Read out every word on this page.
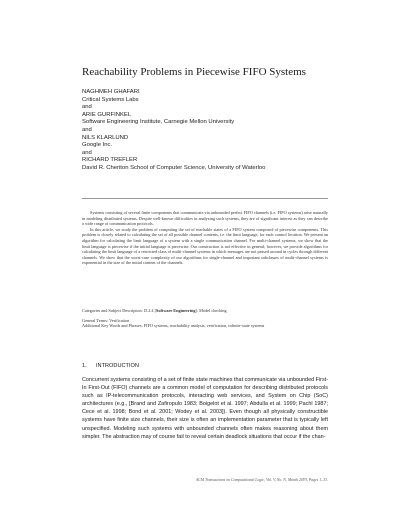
Reachability Problems in Piecewise FIFO Systems
NAGHMEH GHAFARI
Critical Systems Labs
and
ARIE GURFINKEL
Software Engineering Institute, Carnegie Mellon University
and
NILS KLARLUND
Google Inc.
and
RICHARD TREFLER
David R. Cheriton School of Computer Science, University of Waterloo

Systems consisting of several finite components that communicate via unbounded perfect FIFO channels (i.e. FIFO systems) arise naturally in modeling distributed systems. Despite well-known difficulties in analyzing such systems, they are of significant interest as they can describe a wide range of communication protocols.

In this article, we study the problem of computing the set of reachable states of a FIFO system composed of piecewise components. This problem is closely related to calculating the set of all possible channel contents, i.e. the limit language, for each control location. We present an algorithm for calculating the limit language of a system with a single communication channel. For multi-channel systems, we show that the limit language is piecewise if the initial language is piecewise. Our construction is not effective in general; however, we provide algorithms for calculating the limit language of a restricted class of multi-channel systems in which messages are not passed around in cycles through different channels. We show that the worst-case complexity of our algorithms for single-channel and important subclasses of multi-channel systems is exponential in the size of the initial content of the channels.

Categories and Subject Descriptors: D.2.4 [Software Engineering]: Model checking
General Terms: Verification
Additional Key Words and Phrases: FIFO systems, reachability analysis, verification, infinite-state systems
1. INTRODUCTION
Concurrent systems consisting of a set of finite state machines that communicate via unbounded First-In First-Out (FIFO) channels are a common model of computation for describing distributed protocols such as IP-telecommunication protocols, interacting web services, and System on Chip (SoC) architectures (e.g., [Brand and Zafiropulo 1983; Boigelot et al. 1997; Abdulla et al. 1999; Pachl 1987; Cece et al. 1998; Bond et al. 2001; Wodey et al. 2003]). Even though all physically constructible systems have finite size channels, their size is often an implementation parameter that is typically left unspecified. Modeling such systems with unbounded channels often makes reasoning about them simpler. The abstraction may of course fail to reveal certain deadlock situations that occur if the chan-
ACM Transactions on Computational Logic, Vol. V, No. N, Month 20YY, Pages 1–33.
